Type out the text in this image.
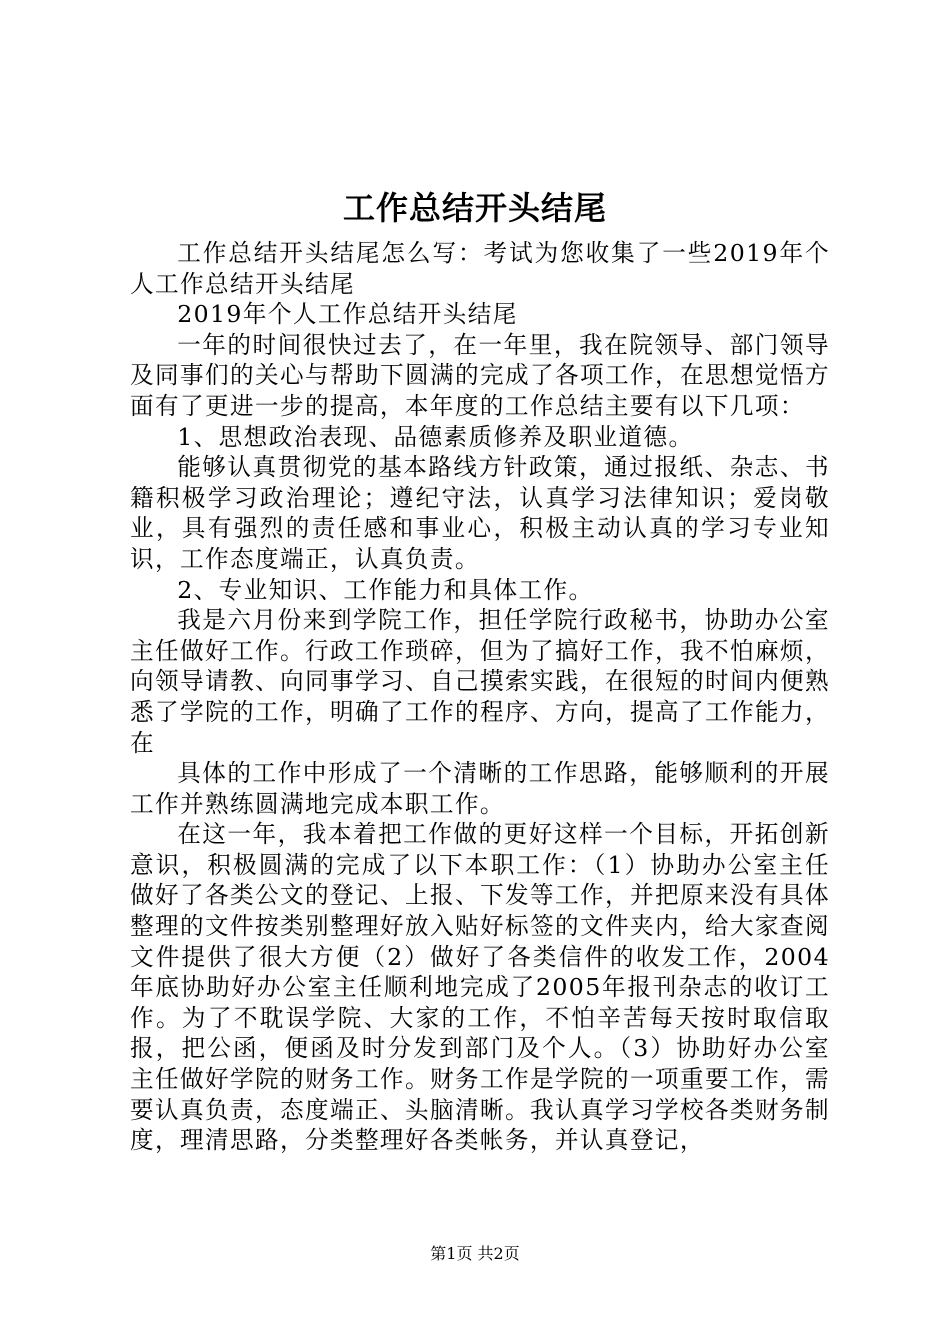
工作总结开头结尾

工作总结开头结尾怎么写：考试为您收集了一些2019年个人工作总结开头结尾

2019年个人工作总结开头结尾

一年的时间很快过去了，在一年里，我在院领导、部门领导及同事们的关心与帮助下圆满的完成了各项工作，在思想觉悟方面有了更进一步的提高，本年度的工作总结主要有以下几项：

1、思想政治表现、品德素质修养及职业道德。

能够认真贯彻党的基本路线方针政策，通过报纸、杂志、书籍积极学习政治理论；遵纪守法，认真学习法律知识；爱岗敬业，具有强烈的责任感和事业心，积极主动认真的学习专业知识，工作态度端正，认真负责。

2、专业知识、工作能力和具体工作。

我是六月份来到学院工作，担任学院行政秘书，协助办公室主任做好工作。行政工作琐碎，但为了搞好工作，我不怕麻烦，向领导请教、向同事学习、自己摸索实践，在很短的时间内便熟悉了学院的工作，明确了工作的程序、方向，提高了工作能力，在

具体的工作中形成了一个清晰的工作思路，能够顺利的开展工作并熟练圆满地完成本职工作。

在这一年，我本着把工作做的更好这样一个目标，开拓创新意识，积极圆满的完成了以下本职工作：（1）协助办公室主任做好了各类公文的登记、上报、下发等工作，并把原来没有具体整理的文件按类别整理好放入贴好标签的文件夹内，给大家查阅文件提供了很大方便（2）做好了各类信件的收发工作，2004年底协助好办公室主任顺利地完成了2005年报刊杂志的收订工作。为了不耽误学院、大家的工作，不怕辛苦每天按时取信取报，把公函，便函及时分发到部门及个人。（3）协助好办公室主任做好学院的财务工作。财务工作是学院的一项重要工作，需要认真负责，态度端正、头脑清晰。我认真学习学校各类财务制度，理清思路，分类整理好各类帐务，并认真登记，

第1页 共2页
